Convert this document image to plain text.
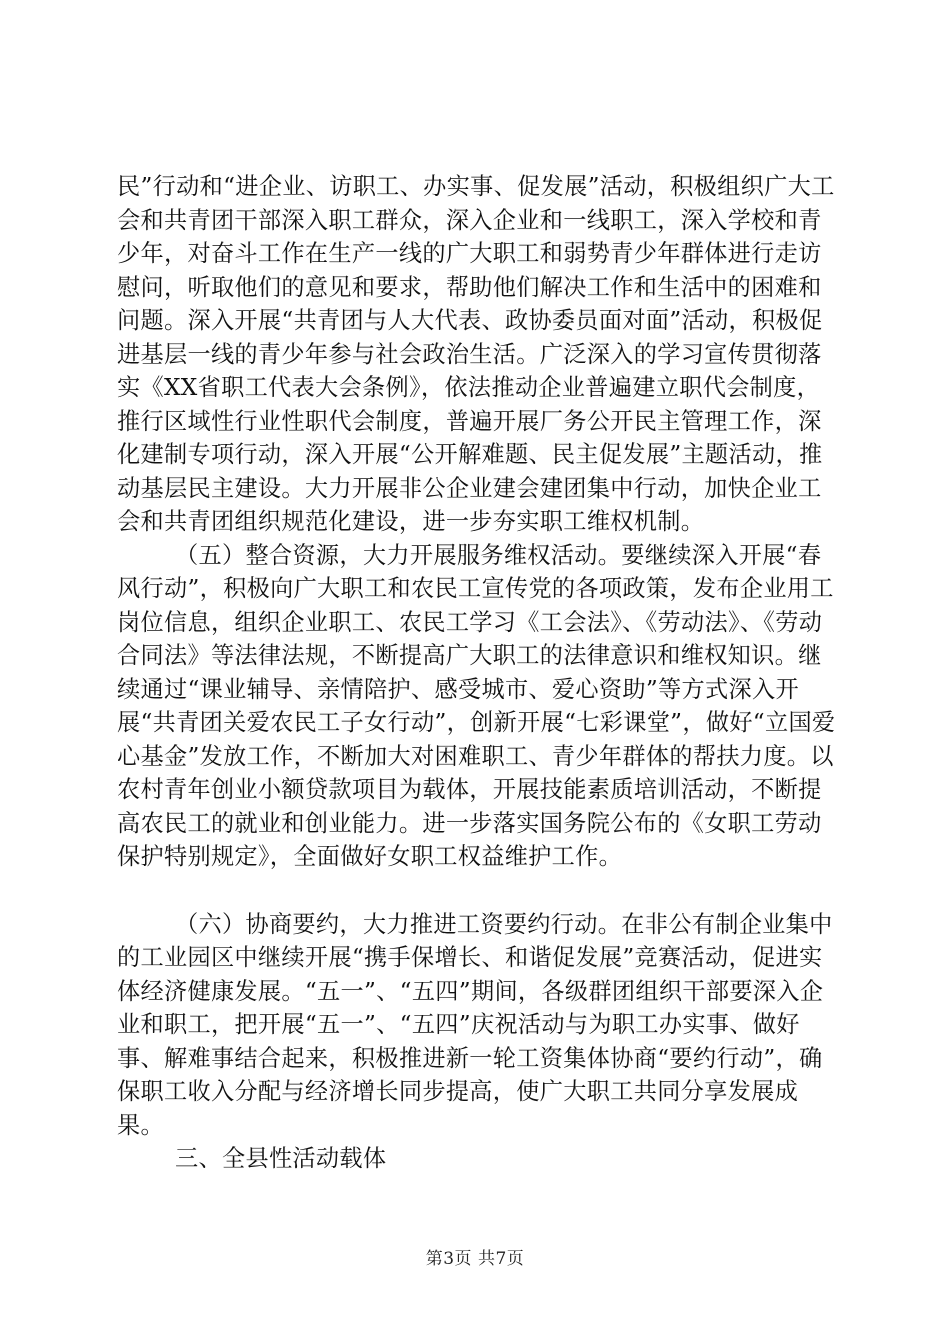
民”行动和“进企业、访职工、办实事、促发展”活动，积极组织广大工会和共青团干部深入职工群众，深入企业和一线职工，深入学校和青少年，对奋斗工作在生产一线的广大职工和弱势青少年群体进行走访慰问，听取他们的意见和要求，帮助他们解决工作和生活中的困难和问题。深入开展“共青团与人大代表、政协委员面对面”活动，积极促进基层一线的青少年参与社会政治生活。广泛深入的学习宣传贯彻落实《XX省职工代表大会条例》，依法推动企业普遍建立职代会制度，推行区域性行业性职代会制度，普遍开展厂务公开民主管理工作，深化建制专项行动，深入开展“公开解难题、民主促发展”主题活动，推动基层民主建设。大力开展非公企业建会建团集中行动，加快企业工会和共青团组织规范化建设，进一步夯实职工维权机制。

（五）整合资源，大力开展服务维权活动。要继续深入开展“春风行动”，积极向广大职工和农民工宣传党的各项政策，发布企业用工岗位信息，组织企业职工、农民工学习《工会法》、《劳动法》、《劳动合同法》等法律法规，不断提高广大职工的法律意识和维权知识。继续通过“课业辅导、亲情陪护、感受城市、爱心资助”等方式深入开展“共青团关爱农民工子女行动”，创新开展“七彩课堂”，做好“立国爱心基金”发放工作，不断加大对困难职工、青少年群体的帮扶力度。以农村青年创业小额贷款项目为载体，开展技能素质培训活动，不断提高农民工的就业和创业能力。进一步落实国务院公布的《女职工劳动保护特别规定》，全面做好女职工权益维护工作。

（六）协商要约，大力推进工资要约行动。在非公有制企业集中的工业园区中继续开展“携手保增长、和谐促发展”竞赛活动，促进实体经济健康发展。“五一”、“五四”期间，各级群团组织干部要深入企业和职工，把开展“五一”、“五四”庆祝活动与为职工办实事、做好事、解难事结合起来，积极推进新一轮工资集体协商“要约行动”，确保职工收入分配与经济增长同步提高，使广大职工共同分享发展成果。

三、全县性活动载体

第3页 共7页
